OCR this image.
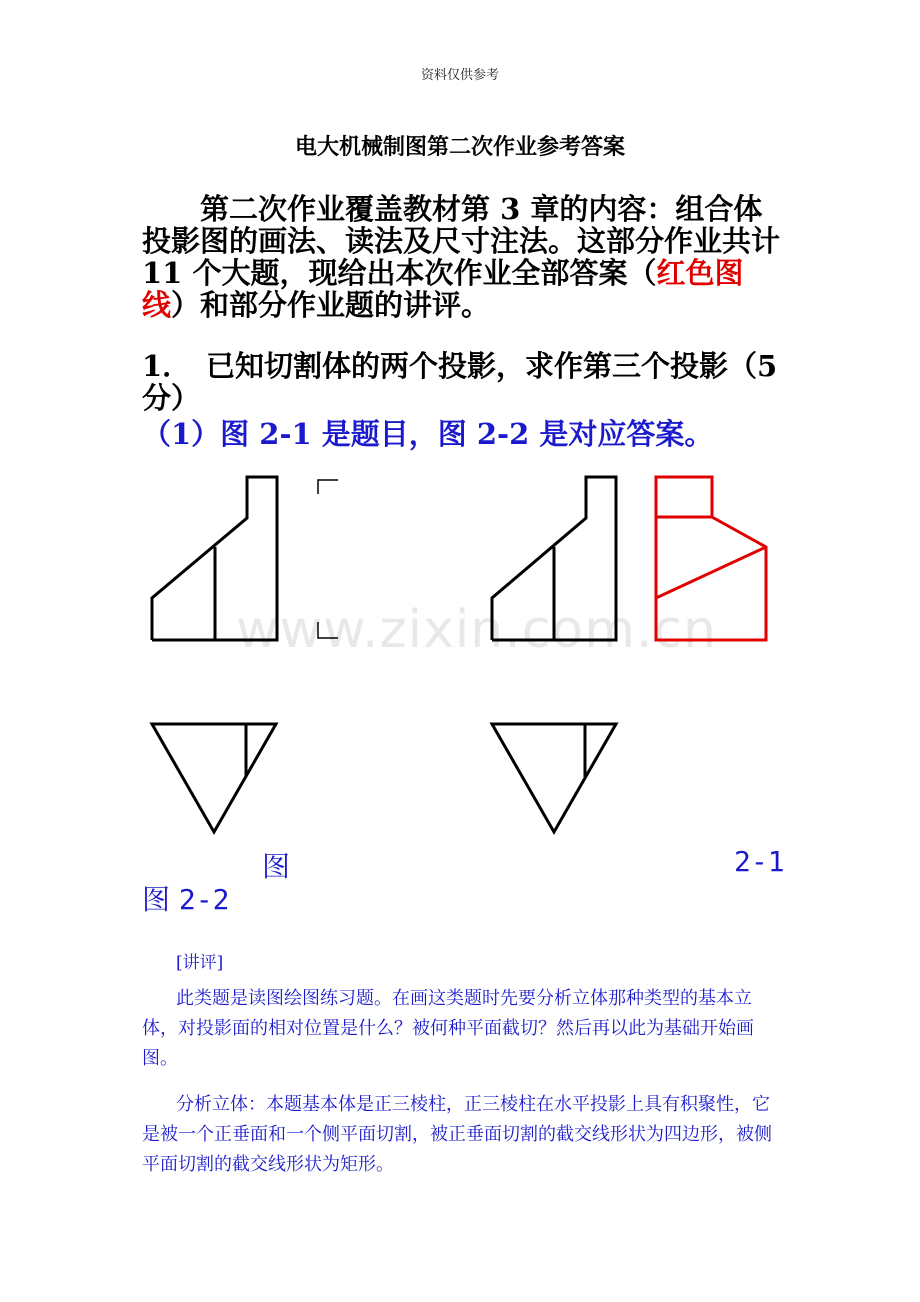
资料仅供参考
电大机械制图第二次作业参考答案
第二次作业覆盖教材第 3 章的内容：组合体投影图的画法、读法及尺寸注法。这部分作业共计 11 个大题，现给出本次作业全部答案（红色图线）和部分作业题的讲评。
1． 已知切割体的两个投影，求作第三个投影（5 分）
（1）图 2-1 是题目，图 2-2 是对应答案。
www.zixin.com.cn
图	2-1
图 2-2
[讲评]
此类题是读图绘图练习题。在画这类题时先要分析立体那种类型的基本立体，对投影面的相对位置是什么？被何种平面截切？然后再以此为基础开始画图。
分析立体：本题基本体是正三棱柱，正三棱柱在水平投影上具有积聚性，它是被一个正垂面和一个侧平面切割，被正垂面切割的截交线形状为四边形，被侧平面切割的截交线形状为矩形。
